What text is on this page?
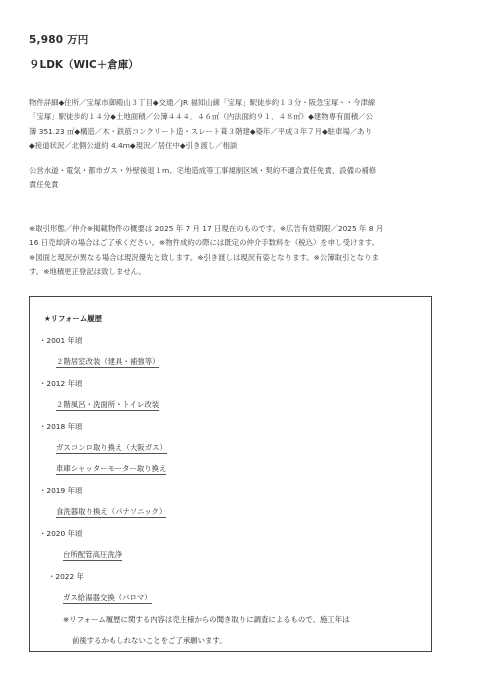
5,980 万円
９LDK（WIC＋倉庫）
物件詳細◆住所／宝塚市御殿山３丁目◆交通／JR 福知山線「宝塚」駅徒歩約１３分・阪急宝塚・・今津線
「宝塚」駅徒歩約１４分◆土地面積／公簿４４４．４６㎡（内法面約９１．４８㎡）◆建物専有面積／公
簿 351.23 ㎡◆構造／木・鉄筋コンクリート造・スレート葺３階建◆築年／平成３年７月◆駐車場／あり
◆接道状況／北側公道約 4.4m◆現況／居住中◆引き渡し／相談
公営水道・電気・都市ガス・外壁後退１m、宅地造成等工事規制区域・契約不適合責任免責、設備の補修
責任免責
※取引形態／仲介※掲載物件の概要は 2025 年 7 月 17 日現在のものです。※広告有効期限／2025 年 8 月
16 日売却済の場合はご了承ください。※物件成約の際には既定の仲介手数料を（税込）を申し受けます。
※図面と現況が異なる場合は現況優先と致します。※引き渡しは現況有姿となります。※公簿取引となりま
す。※地積更正登記は致しません。
★リフォーム履歴
・2001 年頃
２階居室改装（建具・補強等）
・2012 年頃
２階風呂・洗面所・トイレ改装
・2018 年頃
ガスコンロ取り換え（大阪ガス）
車庫シャッターモーター取り換え
・2019 年頃
食洗器取り換え（パナソニック）
・2020 年頃
台所配管高圧洗浄
・2022 年
ガス給湯器交換（パロマ）
※リフォーム履歴に関する内容は売主様からの聞き取りに調査によるもので、施工年は
前後するかもしれないことをご了承願います。
